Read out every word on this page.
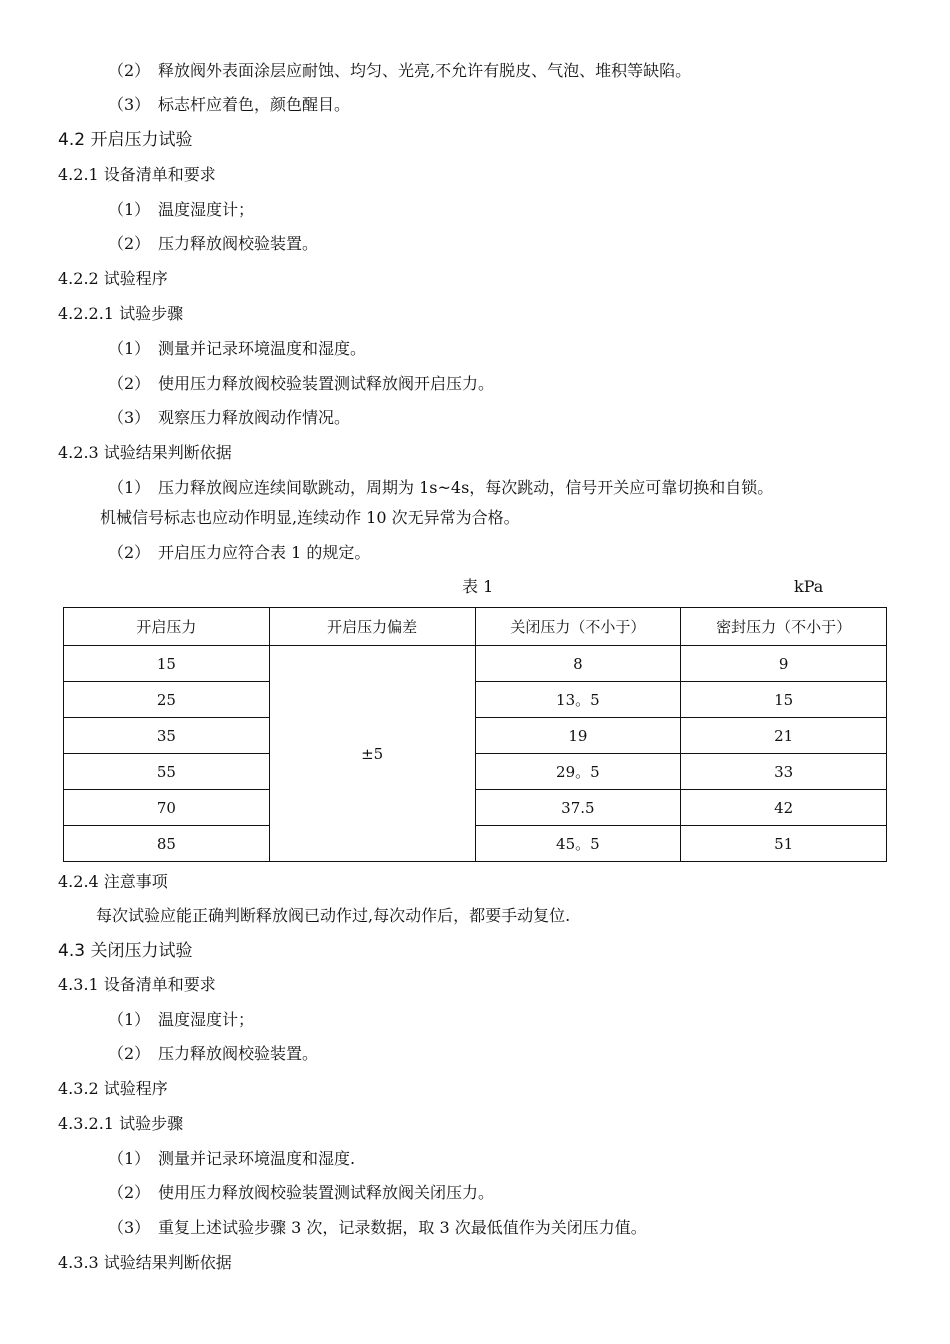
（2） 释放阀外表面涂层应耐蚀、均匀、光亮,不允许有脱皮、气泡、堆积等缺陷。
（3） 标志杆应着色，颜色醒目。
4.2 开启压力试验
4.2.1 设备清单和要求
（1） 温度湿度计；
（2） 压力释放阀校验装置。
4.2.2 试验程序
4.2.2.1 试验步骤
（1） 测量并记录环境温度和湿度。
（2） 使用压力释放阀校验装置测试释放阀开启压力。
（3） 观察压力释放阀动作情况。
4.2.3 试验结果判断依据
（1） 压力释放阀应连续间歇跳动，周期为 1s~4s，每次跳动，信号开关应可靠切换和自锁。
机械信号标志也应动作明显,连续动作 10 次无异常为合格。
（2） 开启压力应符合表 1 的规定。
表 1	kPa
开启压力	开启压力偏差	关闭压力（不小于）	密封压力（不小于）
15	±5	8	9
25		13。5	15
35		19	21
55		29。5	33
70		37.5	42
85		45。5	51
4.2.4 注意事项
每次试验应能正确判断释放阀已动作过,每次动作后，都要手动复位.
4.3 关闭压力试验
4.3.1 设备清单和要求
（1） 温度湿度计；
（2） 压力释放阀校验装置。
4.3.2 试验程序
4.3.2.1 试验步骤
（1） 测量并记录环境温度和湿度.
（2） 使用压力释放阀校验装置测试释放阀关闭压力。
（3） 重复上述试验步骤 3 次，记录数据，取 3 次最低值作为关闭压力值。
4.3.3 试验结果判断依据
